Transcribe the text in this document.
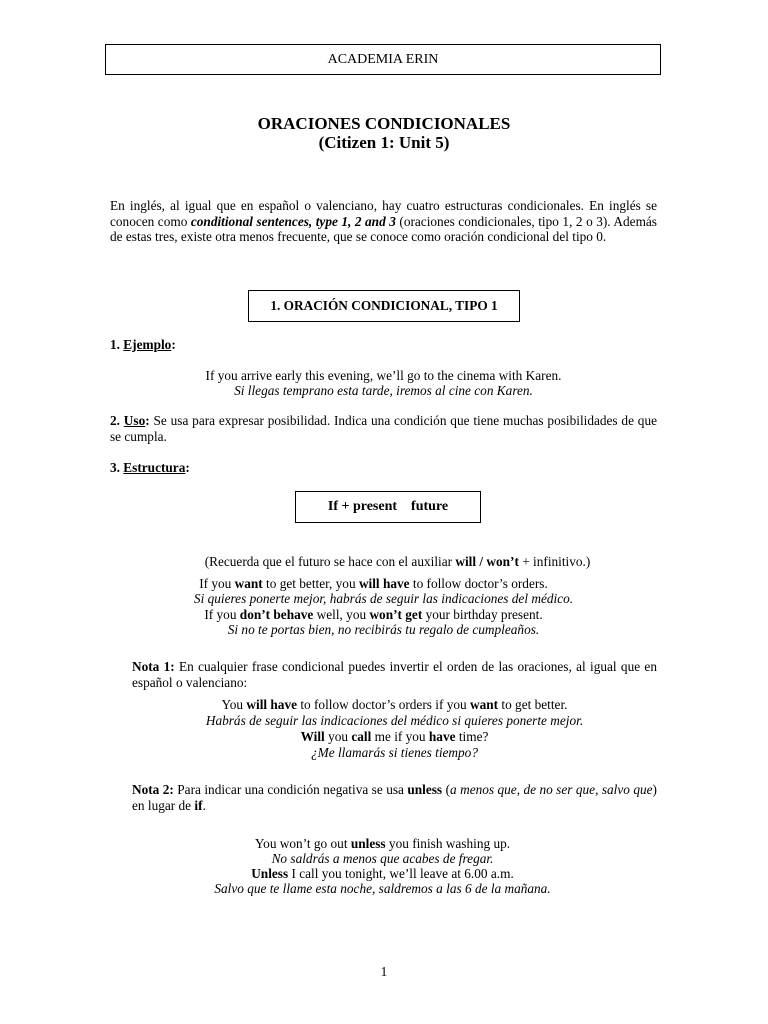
ACADEMIA ERIN
ORACIONES CONDICIONALES
(Citizen 1: Unit 5)
En inglés, al igual que en español o valenciano, hay cuatro estructuras condicionales. En inglés se conocen como conditional sentences, type 1, 2 and 3 (oraciones condicionales, tipo 1, 2 o 3). Además de estas tres, existe otra menos frecuente, que se conoce como oración condicional del tipo 0.
1. ORACIÓN CONDICIONAL, TIPO 1
1. Ejemplo:
If you arrive early this evening, we’ll go to the cinema with Karen.
Si llegas temprano esta tarde, iremos al cine con Karen.
2. Uso: Se usa para expresar posibilidad. Indica una condición que tiene muchas posibilidades de que se cumpla.
3. Estructura:
If + present future
(Recuerda que el futuro se hace con el auxiliar will / won’t + infinitivo.)
If you want to get better, you will have to follow doctor’s orders.
Si quieres ponerte mejor, habrás de seguir las indicaciones del médico.
If you don’t behave well, you won’t get your birthday present.
Si no te portas bien, no recibirás tu regalo de cumpleaños.
Nota 1: En cualquier frase condicional puedes invertir el orden de las oraciones, al igual que en español o valenciano:
You will have to follow doctor’s orders if you want to get better.
Habrás de seguir las indicaciones del médico si quieres ponerte mejor.
Will you call me if you have time?
¿Me llamarás si tienes tiempo?
Nota 2: Para indicar una condición negativa se usa unless (a menos que, de no ser que, salvo que) en lugar de if.
You won’t go out unless you finish washing up.
No saldrás a menos que acabes de fregar.
Unless I call you tonight, we’ll leave at 6.00 a.m.
Salvo que te llame esta noche, saldremos a las 6 de la mañana.
1
